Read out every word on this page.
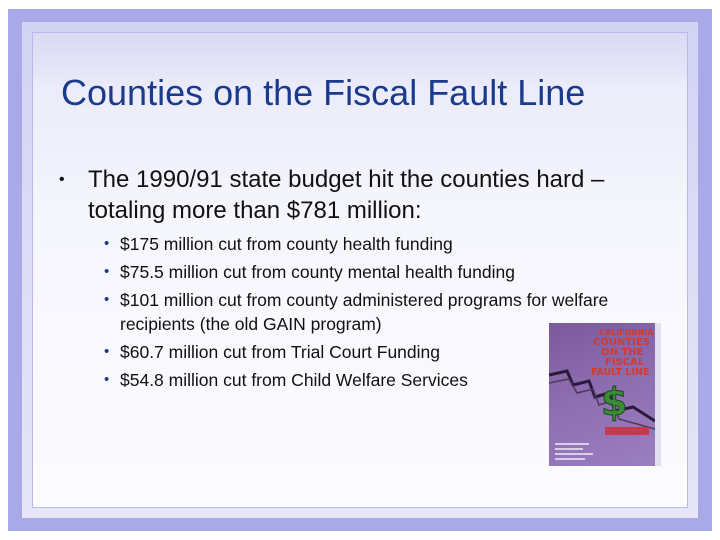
Counties on the Fiscal Fault Line
• The 1990/91 state budget hit the counties hard – totaling more than $781 million:
• $175 million cut from county health funding
• $75.5 million cut from county mental health funding
• $101 million cut from county administered programs for welfare recipients (the old GAIN program)
• $60.7 million cut from Trial Court Funding
• $54.8 million cut from Child Welfare Services	$
CALIFORNIA
COUNTIES
ON THE
FISCAL
FAULT LINE
